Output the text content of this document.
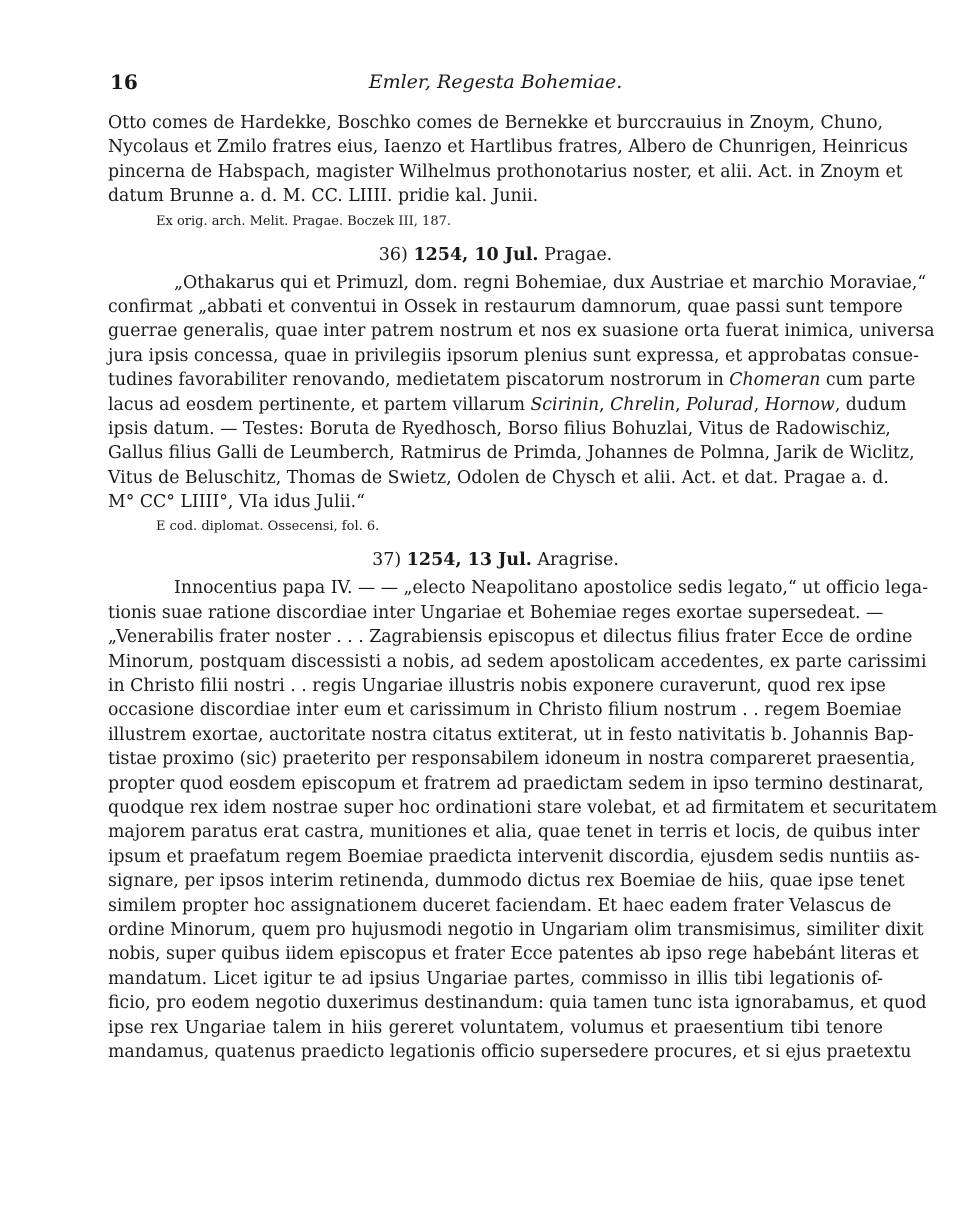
16	Emler, Regesta Bohemiae.
Otto comes de Hardekke, Boschko comes de Bernekke et burccrauius in Znoym, Chuno,
Nycolaus et Zmilo fratres eius, Iaenzo et Hartlibus fratres, Albero de Chunrigen, Heinricus
pincerna de Habspach, magister Wilhelmus prothonotarius noster, et alii. Act. in Znoym et
datum Brunne a. d. M. CC. LIIII. pridie kal. Junii.
Ex orig. arch. Melit. Pragae. Boczek III, 187.
36) 1254, 10 Jul. Pragae.
„Othakarus qui et Primuzl, dom. regni Bohemiae, dux Austriae et marchio Moraviae,“
confirmat „abbati et conventui in Ossek in restaurum damnorum, quae passi sunt tempore
guerrae generalis, quae inter patrem nostrum et nos ex suasione orta fuerat inimica, universa
jura ipsis concessa, quae in privilegiis ipsorum plenius sunt expressa, et approbatas consue-
tudines favorabiliter renovando, medietatem piscatorum nostrorum in Chomeran cum parte
lacus ad eosdem pertinente, et partem villarum Scirinin, Chrelin, Polurad, Hornow, dudum
ipsis datum. — Testes: Boruta de Ryedhosch, Borso filius Bohuzlai, Vitus de Radowischiz,
Gallus filius Galli de Leumberch, Ratmirus de Primda, Johannes de Polmna, Jarik de Wiclitz,
Vitus de Beluschitz, Thomas de Swietz, Odolen de Chysch et alii. Act. et dat. Pragae a. d.
M° CC° LIIII°, VIa idus Julii.“
E cod. diplomat. Ossecensi, fol. 6.
37) 1254, 13 Jul. Aragrise.
Innocentius papa IV. — — „electo Neapolitano apostolice sedis legato,“ ut officio lega-
tionis suae ratione discordiae inter Ungariae et Bohemiae reges exortae supersedeat. —
„Venerabilis frater noster . . . Zagrabiensis episcopus et dilectus filius frater Ecce de ordine
Minorum, postquam discessisti a nobis, ad sedem apostolicam accedentes, ex parte carissimi
in Christo filii nostri . . regis Ungariae illustris nobis exponere curaverunt, quod rex ipse
occasione discordiae inter eum et carissimum in Christo filium nostrum . . regem Boemiae
illustrem exortae, auctoritate nostra citatus extiterat, ut in festo nativitatis b. Johannis Bap-
tistae proximo (sic) praeterito per responsabilem idoneum in nostra compareret praesentia,
propter quod eosdem episcopum et fratrem ad praedictam sedem in ipso termino destinarat,
quodque rex idem nostrae super hoc ordinationi stare volebat, et ad firmitatem et securitatem
majorem paratus erat castra, munitiones et alia, quae tenet in terris et locis, de quibus inter
ipsum et praefatum regem Boemiae praedicta intervenit discordia, ejusdem sedis nuntiis as-
signare, per ipsos interim retinenda, dummodo dictus rex Boemiae de hiis, quae ipse tenet
similem propter hoc assignationem duceret faciendam. Et haec eadem frater Velascus de
ordine Minorum, quem pro hujusmodi negotio in Ungariam olim transmisimus, similiter dixit
nobis, super quibus iidem episcopus et frater Ecce patentes ab ipso rege habebánt literas et
mandatum. Licet igitur te ad ipsius Ungariae partes, commisso in illis tibi legationis of-
ficio, pro eodem negotio duxerimus destinandum: quia tamen tunc ista ignorabamus, et quod
ipse rex Ungariae talem in hiis gereret voluntatem, volumus et praesentium tibi tenore
mandamus, quatenus praedicto legationis officio supersedere procures, et si ejus praetextu
